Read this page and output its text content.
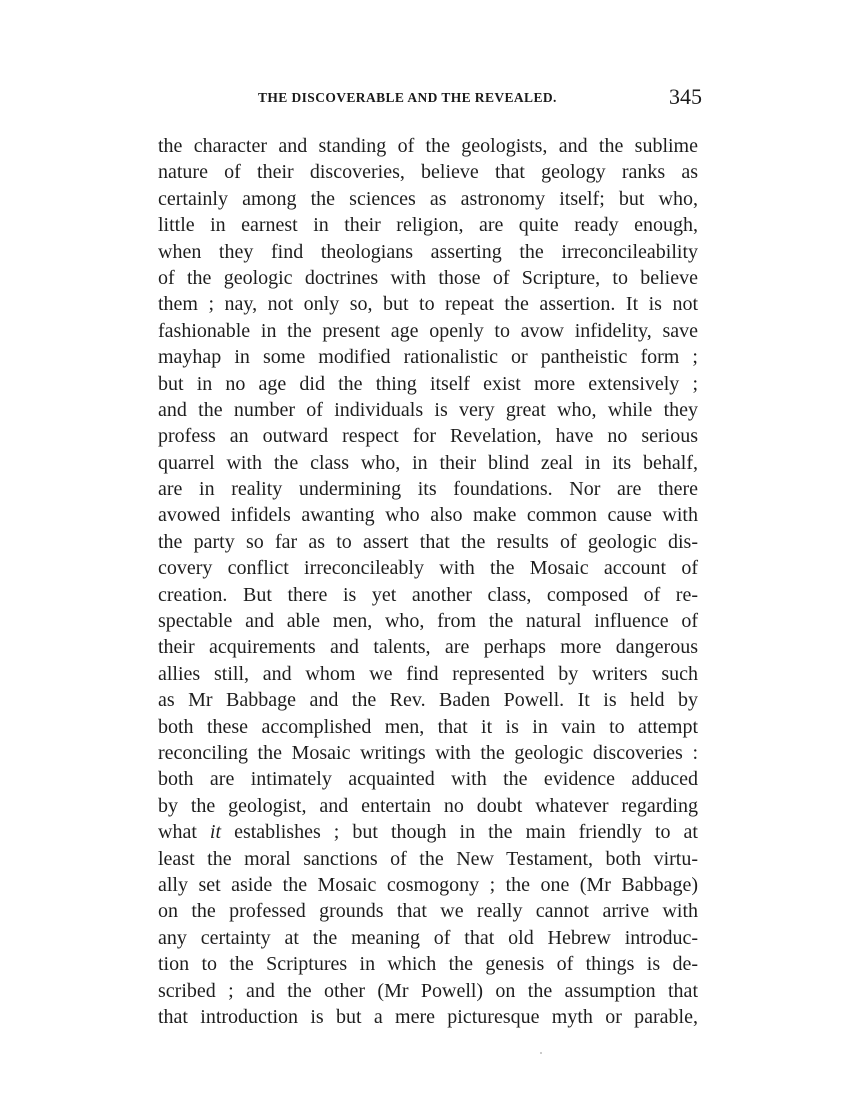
THE DISCOVERABLE AND THE REVEALED.	345
the character and standing of the geologists, and the sublime
nature of their discoveries, believe that geology ranks as
certainly among the sciences as astronomy itself; but who,
little in earnest in their religion, are quite ready enough,
when they find theologians asserting the irreconcileability
of the geologic doctrines with those of Scripture, to believe
them ; nay, not only so, but to repeat the assertion. It is not
fashionable in the present age openly to avow infidelity, save
mayhap in some modified rationalistic or pantheistic form ;
but in no age did the thing itself exist more extensively ;
and the number of individuals is very great who, while they
profess an outward respect for Revelation, have no serious
quarrel with the class who, in their blind zeal in its behalf,
are in reality undermining its foundations. Nor are there
avowed infidels awanting who also make common cause with
the party so far as to assert that the results of geologic dis-
covery conflict irreconcileably with the Mosaic account of
creation. But there is yet another class, composed of re-
spectable and able men, who, from the natural influence of
their acquirements and talents, are perhaps more dangerous
allies still, and whom we find represented by writers such
as Mr Babbage and the Rev. Baden Powell. It is held by
both these accomplished men, that it is in vain to attempt
reconciling the Mosaic writings with the geologic discoveries :
both are intimately acquainted with the evidence adduced
by the geologist, and entertain no doubt whatever regarding
what it establishes ; but though in the main friendly to at
least the moral sanctions of the New Testament, both virtu-
ally set aside the Mosaic cosmogony ; the one (Mr Babbage)
on the professed grounds that we really cannot arrive with
any certainty at the meaning of that old Hebrew introduc-
tion to the Scriptures in which the genesis of things is de-
scribed ; and the other (Mr Powell) on the assumption that
that introduction is but a mere picturesque myth or parable,
